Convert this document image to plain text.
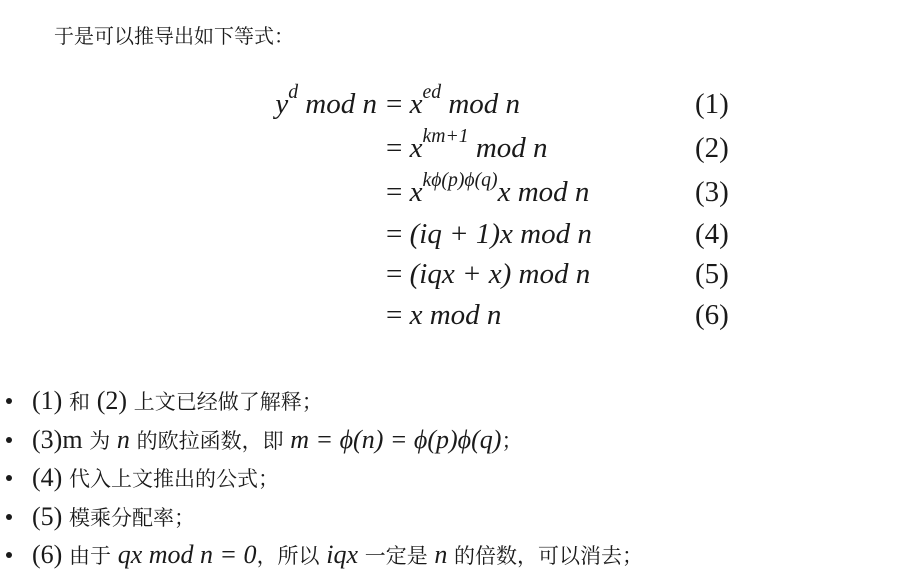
于是可以推导出如下等式：
$y^d$ mod $n = x^{ed}$ mod n	(1)
= $x^{km+1}$ mod n	(2)
= $x^{k\phi(p)\phi(q)}x$ mod n	(3)
= (iq + 1)x mod n	(4)
= (iqx + x) mod n	(5)
= x mod n	(6)
(1) 和 (2) 上文已经做了解释；
(3)m 为 n 的欧拉函数，即 m = ϕ(n) = ϕ(p)ϕ(q)；
(4) 代入上文推出的公式；
(5) 模乘分配率；
(6) 由于 qx mod n = 0，所以 iqx 一定是 n 的倍数，可以消去；
